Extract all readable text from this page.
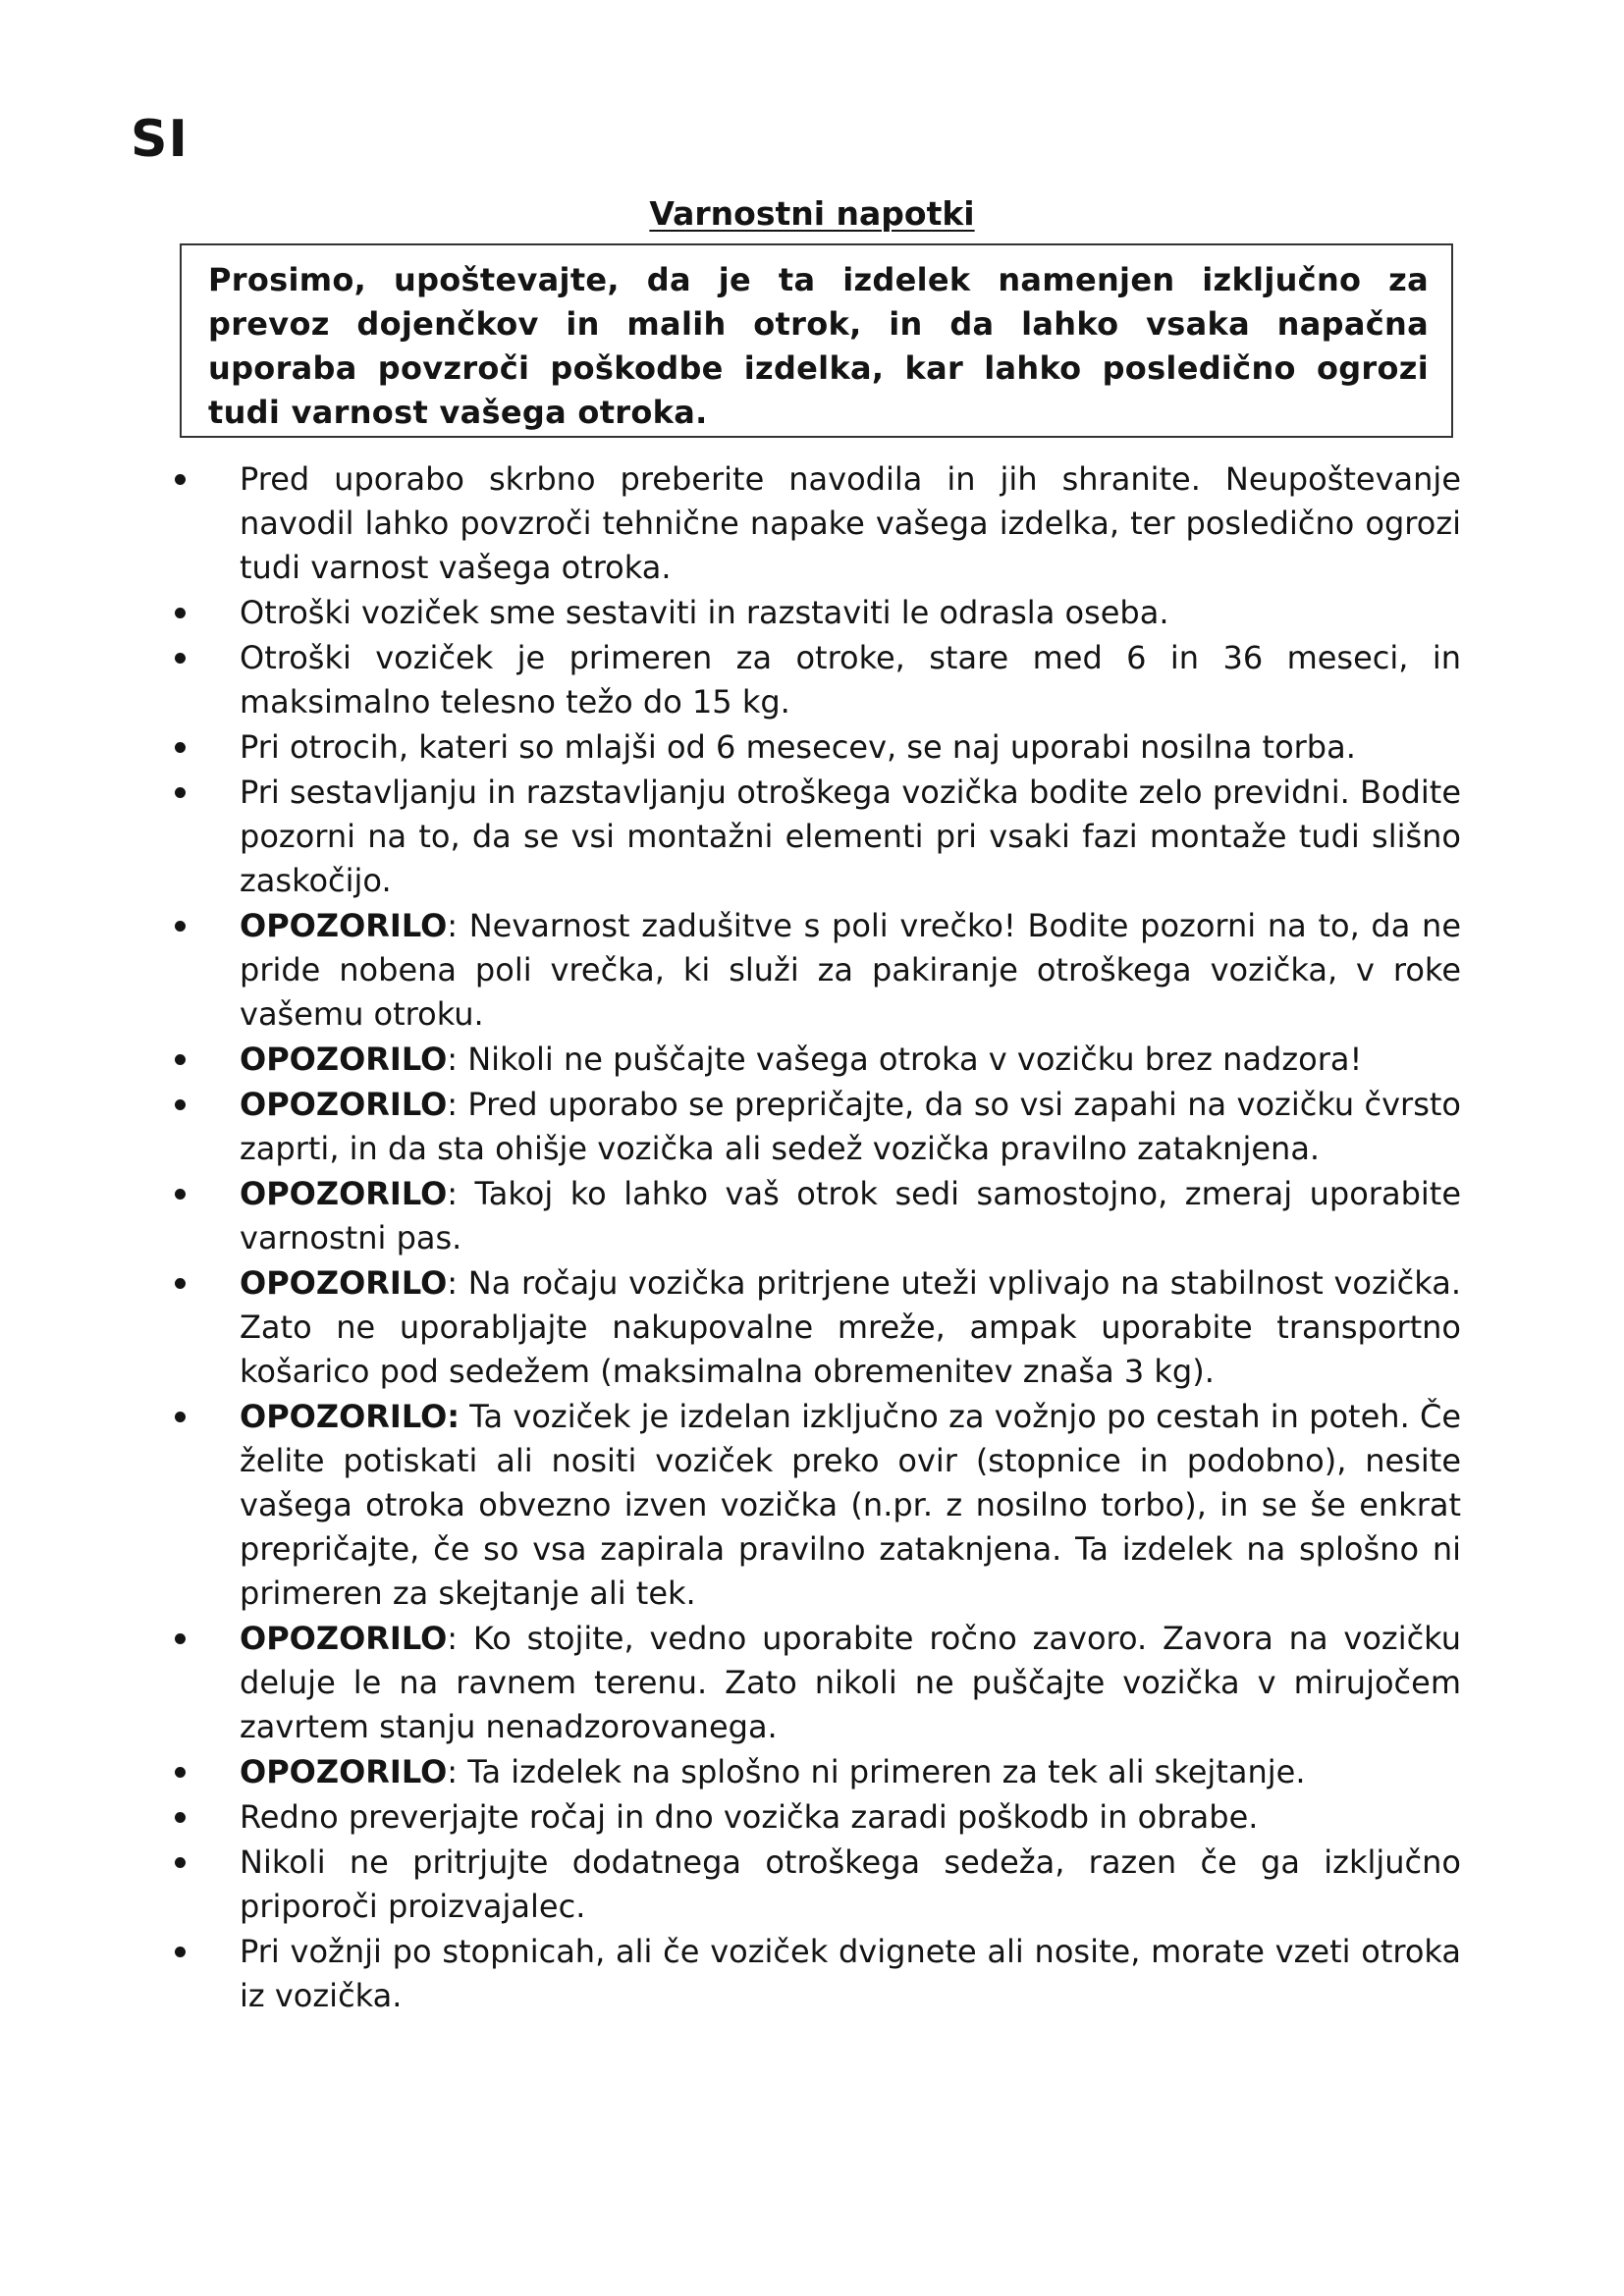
SI
Varnostni napotki

Prosimo, upoštevajte, da je ta izdelek namenjen izključno za prevoz dojenčkov in malih otrok, in da lahko vsaka napačna uporaba povzroči poškodbe izdelka, kar lahko posledično ogrozi tudi varnost vašega otroka.

Pred uporabo skrbno preberite navodila in jih shranite. Neupoštevanje navodil lahko povzroči tehnične napake vašega izdelka, ter posledično ogrozi tudi varnost vašega otroka.
Otroški voziček sme sestaviti in razstaviti le odrasla oseba.
Otroški voziček je primeren za otroke, stare med 6 in 36 meseci, in maksimalno telesno težo do 15 kg.
Pri otrocih, kateri so mlajši od 6 mesecev, se naj uporabi nosilna torba.
Pri sestavljanju in razstavljanju otroškega vozička bodite zelo previdni. Bodite pozorni na to, da se vsi montažni elementi pri vsaki fazi montaže tudi slišno zaskočijo.
OPOZORILO: Nevarnost zadušitve s poli vrečko! Bodite pozorni na to, da ne pride nobena poli vrečka, ki služi za pakiranje otroškega vozička, v roke vašemu otroku.
OPOZORILO: Nikoli ne puščajte vašega otroka v vozičku brez nadzora!
OPOZORILO: Pred uporabo se prepričajte, da so vsi zapahi na vozičku čvrsto zaprti, in da sta ohišje vozička ali sedež vozička pravilno zataknjena.
OPOZORILO: Takoj ko lahko vaš otrok sedi samostojno, zmeraj uporabite varnostni pas.
OPOZORILO: Na ročaju vozička pritrjene uteži vplivajo na stabilnost vozička. Zato ne uporabljajte nakupovalne mreže, ampak uporabite transportno košarico pod sedežem (maksimalna obremenitev znaša 3 kg).
OPOZORILO: Ta voziček je izdelan izključno za vožnjo po cestah in poteh. Če želite potiskati ali nositi voziček preko ovir (stopnice in podobno), nesite vašega otroka obvezno izven vozička (n.pr. z nosilno torbo), in se še enkrat prepričajte, če so vsa zapirala pravilno zataknjena. Ta izdelek na splošno ni primeren za skejtanje ali tek.
OPOZORILO: Ko stojite, vedno uporabite ročno zavoro. Zavora na vozičku deluje le na ravnem terenu. Zato nikoli ne puščajte vozička v mirujočem zavrtem stanju nenadzorovanega.
OPOZORILO: Ta izdelek na splošno ni primeren za tek ali skejtanje.
Redno preverjajte ročaj in dno vozička zaradi poškodb in obrabe.
Nikoli ne pritrjujte dodatnega otroškega sedeža, razen če ga izključno priporoči proizvajalec.
Pri vožnji po stopnicah, ali če voziček dvignete ali nosite, morate vzeti otroka iz vozička.
